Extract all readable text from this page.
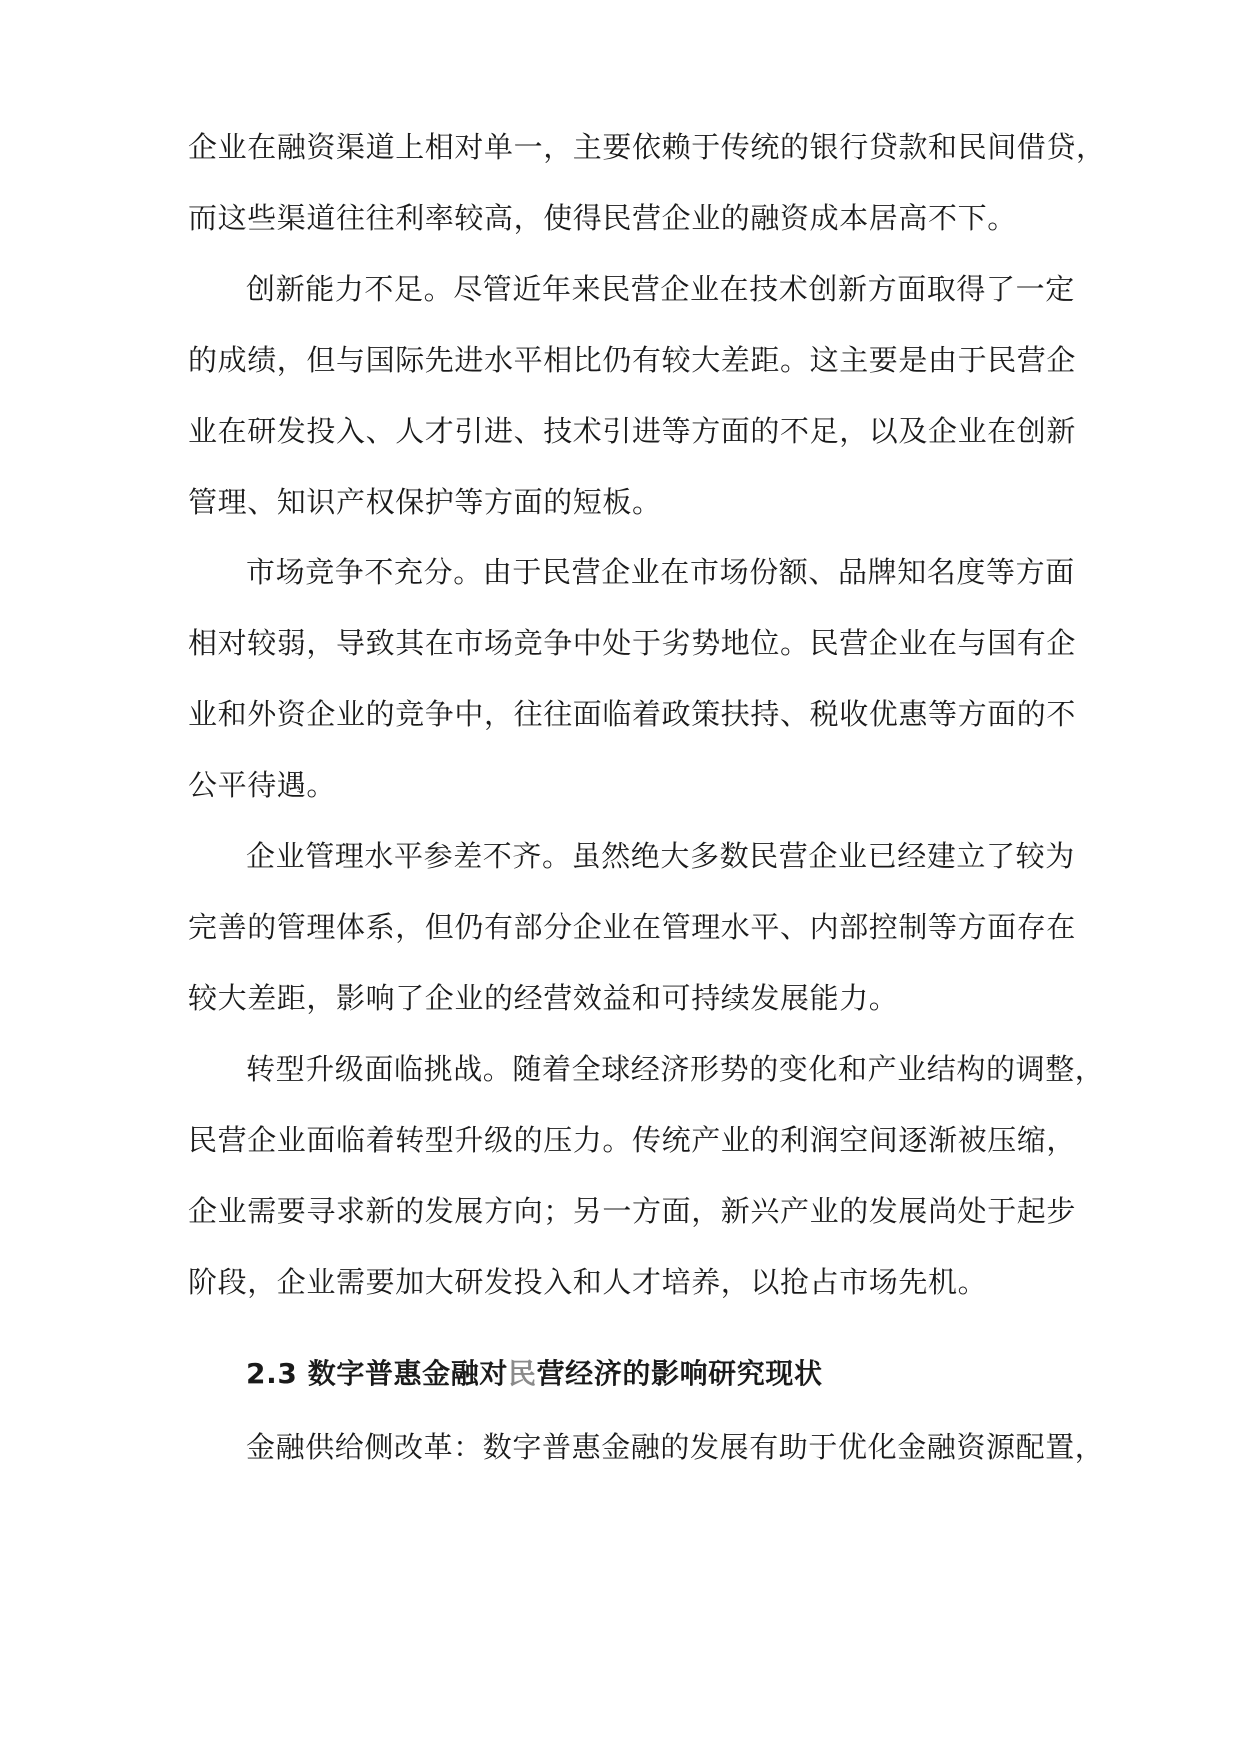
企业在融资渠道上相对单一，主要依赖于传统的银行贷款和民间借贷，
而这些渠道往往利率较高，使得民营企业的融资成本居高不下。
创新能力不足。尽管近年来民营企业在技术创新方面取得了一定
的成绩，但与国际先进水平相比仍有较大差距。这主要是由于民营企
业在研发投入、人才引进、技术引进等方面的不足，以及企业在创新
管理、知识产权保护等方面的短板。
市场竞争不充分。由于民营企业在市场份额、品牌知名度等方面
相对较弱，导致其在市场竞争中处于劣势地位。民营企业在与国有企
业和外资企业的竞争中，往往面临着政策扶持、税收优惠等方面的不
公平待遇。
企业管理水平参差不齐。虽然绝大多数民营企业已经建立了较为
完善的管理体系，但仍有部分企业在管理水平、内部控制等方面存在
较大差距，影响了企业的经营效益和可持续发展能力。
转型升级面临挑战。随着全球经济形势的变化和产业结构的调整，
民营企业面临着转型升级的压力。传统产业的利润空间逐渐被压缩，
企业需要寻求新的发展方向；另一方面，新兴产业的发展尚处于起步
阶段，企业需要加大研发投入和人才培养，以抢占市场先机。
2.3 数字普惠金融对民营经济的影响研究现状
金融供给侧改革：数字普惠金融的发展有助于优化金融资源配置，
